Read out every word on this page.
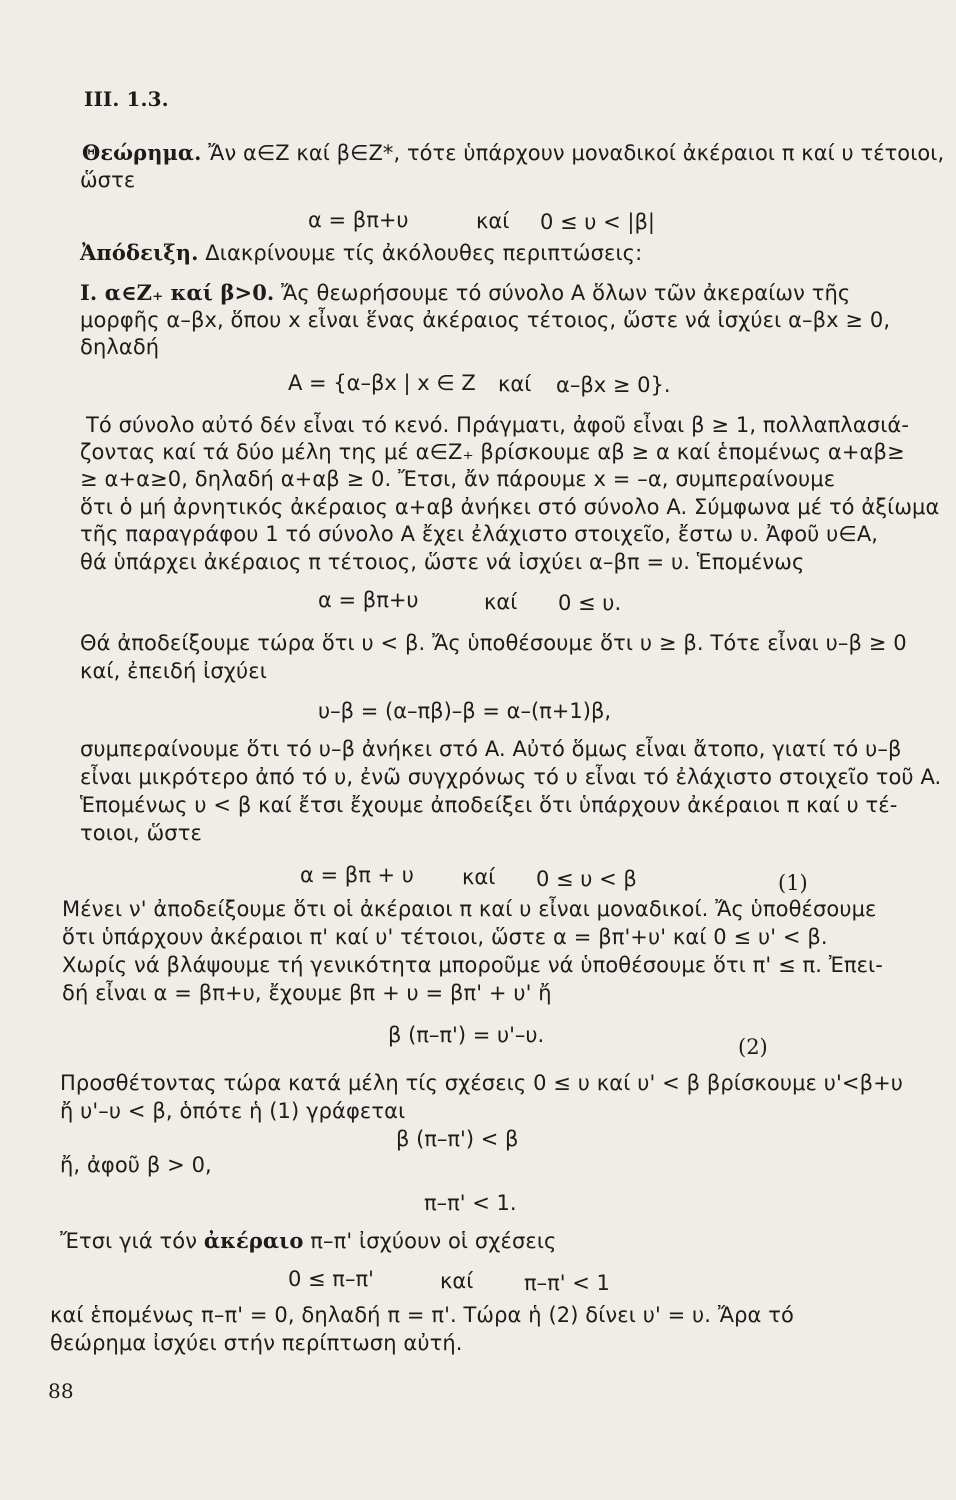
III. 1.3.
Θεώρημα. Ἄν α∈Z καί β∈Z*, τότε ὑπάρχουν μοναδικοί ἀκέραιοι π καί υ τέτοιοι,
ὥστε
α = βπ+υ	καί 0 ≤ υ < |β|
Ἀπόδειξη. Διακρίνουμε τίς ἀκόλουθες περιπτώσεις:
I. α∈Z₊ καί β>0. Ἄς θεωρήσουμε τό σύνολο A ὅλων τῶν ἀκεραίων τῆς
μορφῆς α–βx, ὅπου x εἶναι ἕνας ἀκέραιος τέτοιος, ὥστε νά ἰσχύει α–βx ≥ 0,
δηλαδή
A = {α–βx | x ∈ Z καί α–βx ≥ 0}.
Τό σύνολο αὐτό δέν εἶναι τό κενό. Πράγματι, ἀφοῦ εἶναι β ≥ 1, πολλαπλασιά-
ζοντας καί τά δύο μέλη της μέ α∈Z₊ βρίσκουμε αβ ≥ α καί ἑπομένως α+αβ≥
≥ α+α≥0, δηλαδή α+αβ ≥ 0. Ἔτσι, ἄν πάρουμε x = –α, συμπεραίνουμε
ὅτι ὁ μή ἀρνητικός ἀκέραιος α+αβ ἀνήκει στό σύνολο A. Σύμφωνα μέ τό ἀξίωμα
τῆς παραγράφου 1 τό σύνολο A ἔχει ἐλάχιστο στοιχεῖο, ἔστω υ. Ἀφοῦ υ∈A,
θά ὑπάρχει ἀκέραιος π τέτοιος, ὥστε νά ἰσχύει α–βπ = υ. Ἑπομένως
α = βπ+υ	καί 0 ≤ υ.
Θά ἀποδείξουμε τώρα ὅτι υ < β. Ἄς ὑποθέσουμε ὅτι υ ≥ β. Τότε εἶναι υ–β ≥ 0
καί, ἐπειδή ἰσχύει
υ–β = (α–πβ)–β = α–(π+1)β,
συμπεραίνουμε ὅτι τό υ–β ἀνήκει στό A. Αὐτό ὅμως εἶναι ἄτοπο, γιατί τό υ–β
εἶναι μικρότερο ἀπό τό υ, ἐνῶ συγχρόνως τό υ εἶναι τό ἐλάχιστο στοιχεῖο τοῦ A.
Ἑπομένως υ < β καί ἔτσι ἔχουμε ἀποδείξει ὅτι ὑπάρχουν ἀκέραιοι π καί υ τέ-
τοιοι, ὥστε
α = βπ + υ καί 0 ≤ υ < β	(1)
Μένει ν' ἀποδείξουμε ὅτι οἱ ἀκέραιοι π καί υ εἶναι μοναδικοί. Ἄς ὑποθέσουμε
ὅτι ὑπάρχουν ἀκέραιοι π' καί υ' τέτοιοι, ὥστε α = βπ'+υ' καί 0 ≤ υ' < β.
Χωρίς νά βλάψουμε τή γενικότητα μποροῦμε νά ὑποθέσουμε ὅτι π' ≤ π. Ἐπει-
δή εἶναι α = βπ+υ, ἔχουμε βπ + υ = βπ' + υ' ἤ
β (π–π') = υ'–υ.	(2)
Προσθέτοντας τώρα κατά μέλη τίς σχέσεις 0 ≤ υ καί υ' < β βρίσκουμε υ'<β+υ
ἤ υ'–υ < β, ὁπότε ἡ (1) γράφεται
β (π–π') < β
ἤ, ἀφοῦ β > 0,
π–π' < 1.
Ἔτσι γιά τόν ἀκέραιο π–π' ἰσχύουν οἱ σχέσεις
0 ≤ π–π'	καί π–π' < 1
καί ἑπομένως π–π' = 0, δηλαδή π = π'. Τώρα ἡ (2) δίνει υ' = υ. Ἄρα τό
θεώρημα ἰσχύει στήν περίπτωση αὐτή.
88
